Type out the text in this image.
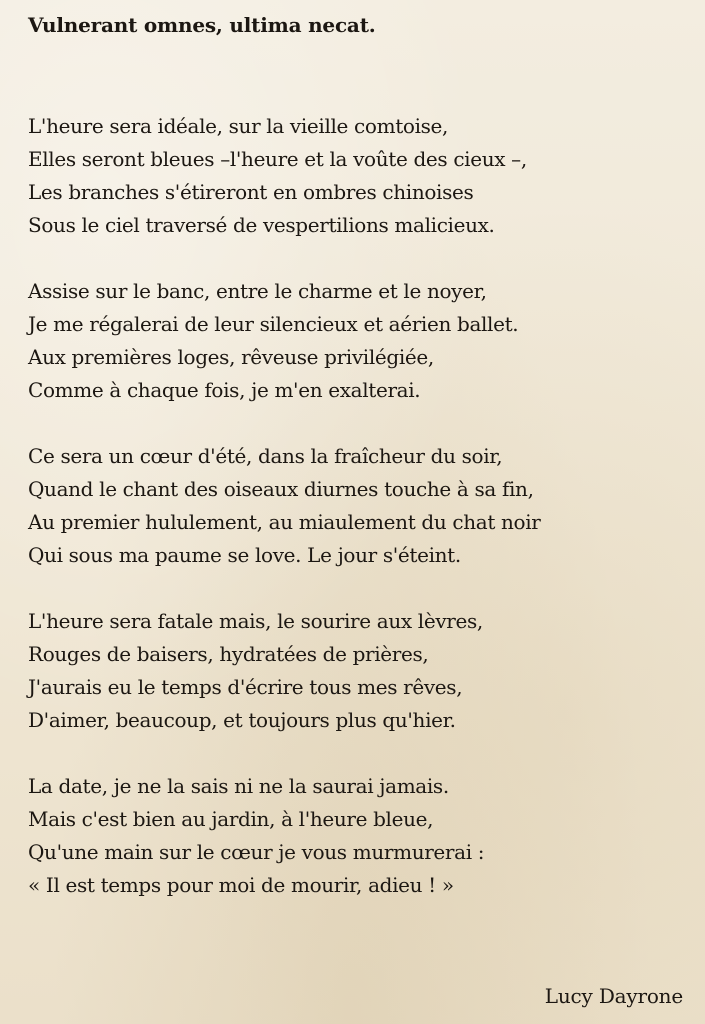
Vulnerant omnes, ultima necat.
L'heure sera idéale, sur la vieille comtoise,
Elles seront bleues –l'heure et la voûte des cieux –,
Les branches s'étireront en ombres chinoises
Sous le ciel traversé de vespertilions malicieux.
Assise sur le banc, entre le charme et le noyer,
Je me régalerai de leur silencieux et aérien ballet.
Aux premières loges, rêveuse privilégiée,
Comme à chaque fois, je m'en exalterai.
Ce sera un cœur d'été, dans la fraîcheur du soir,
Quand le chant des oiseaux diurnes touche à sa fin,
Au premier hululement, au miaulement du chat noir
Qui sous ma paume se love. Le jour s'éteint.
L'heure sera fatale mais, le sourire aux lèvres,
Rouges de baisers, hydratées de prières,
J'aurais eu le temps d'écrire tous mes rêves,
D'aimer, beaucoup, et toujours plus qu'hier.
La date, je ne la sais ni ne la saurai jamais.
Mais c'est bien au jardin, à l'heure bleue,
Qu'une main sur le cœur je vous murmurerai :
« Il est temps pour moi de mourir, adieu ! »
Lucy Dayrone
